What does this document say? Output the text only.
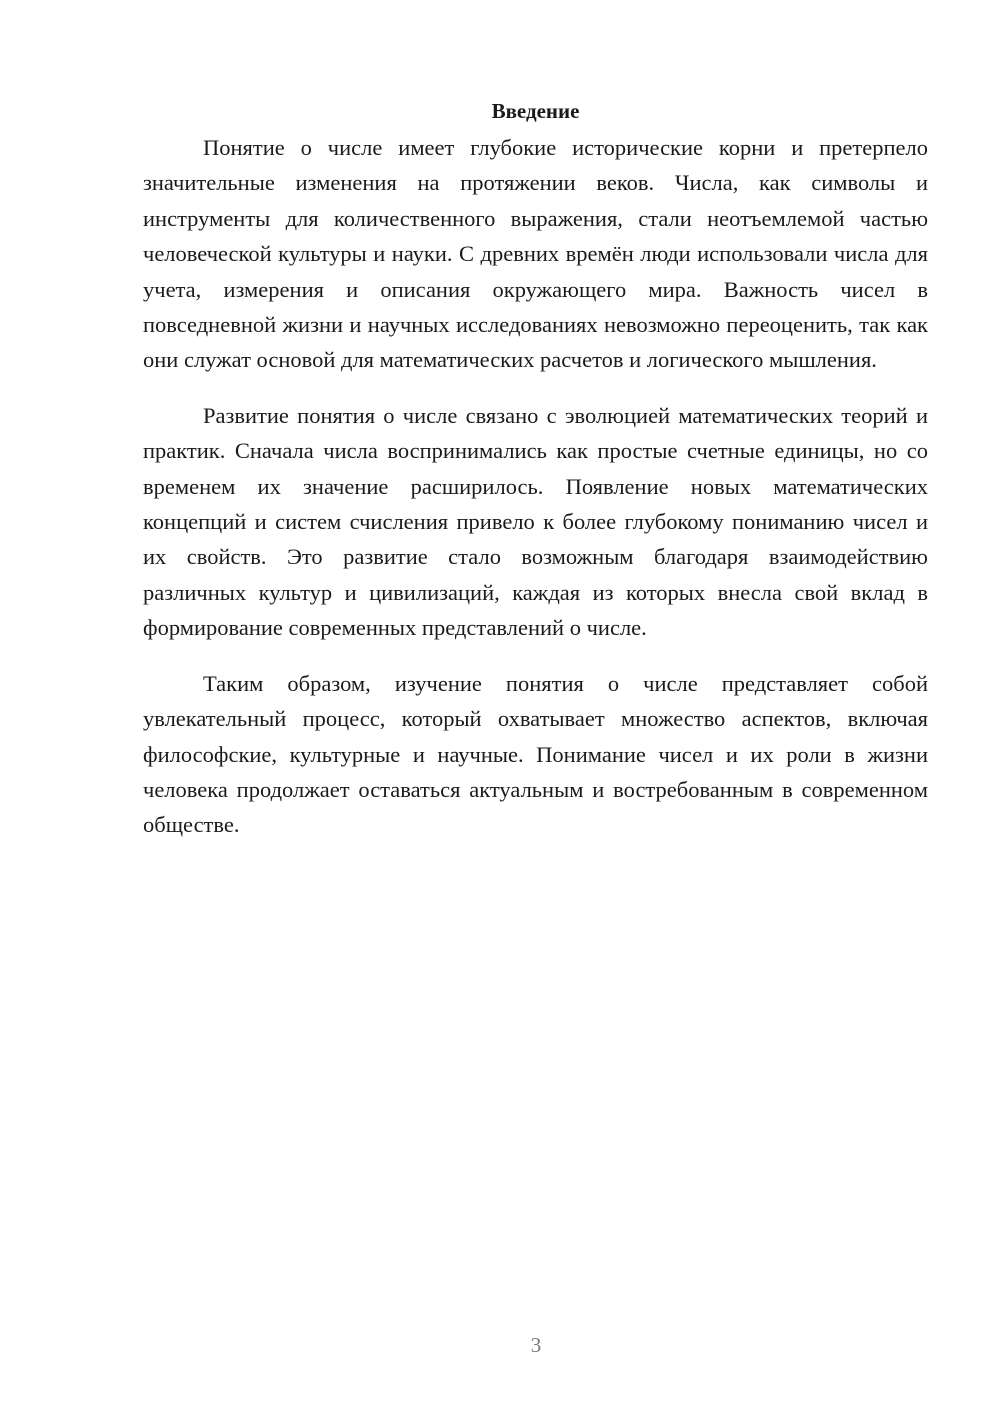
Введение

Понятие о числе имеет глубокие исторические корни и претерпело значительные изменения на протяжении веков. Числа, как символы и инструменты для количественного выражения, стали неотъемлемой частью человеческой культуры и науки. С древних времён люди использовали числа для учета, измерения и описания окружающего мира. Важность чисел в повседневной жизни и научных исследованиях невозможно переоценить, так как они служат основой для математических расчетов и логического мышления.

Развитие понятия о числе связано с эволюцией математических теорий и практик. Сначала числа воспринимались как простые счетные единицы, но со временем их значение расширилось. Появление новых математических концепций и систем счисления привело к более глубокому пониманию чисел и их свойств. Это развитие стало возможным благодаря взаимодействию различных культур и цивилизаций, каждая из которых внесла свой вклад в формирование современных представлений о числе.

Таким образом, изучение понятия о числе представляет собой увлекательный процесс, который охватывает множество аспектов, включая философские, культурные и научные. Понимание чисел и их роли в жизни человека продолжает оставаться актуальным и востребованным в современном обществе.

3
